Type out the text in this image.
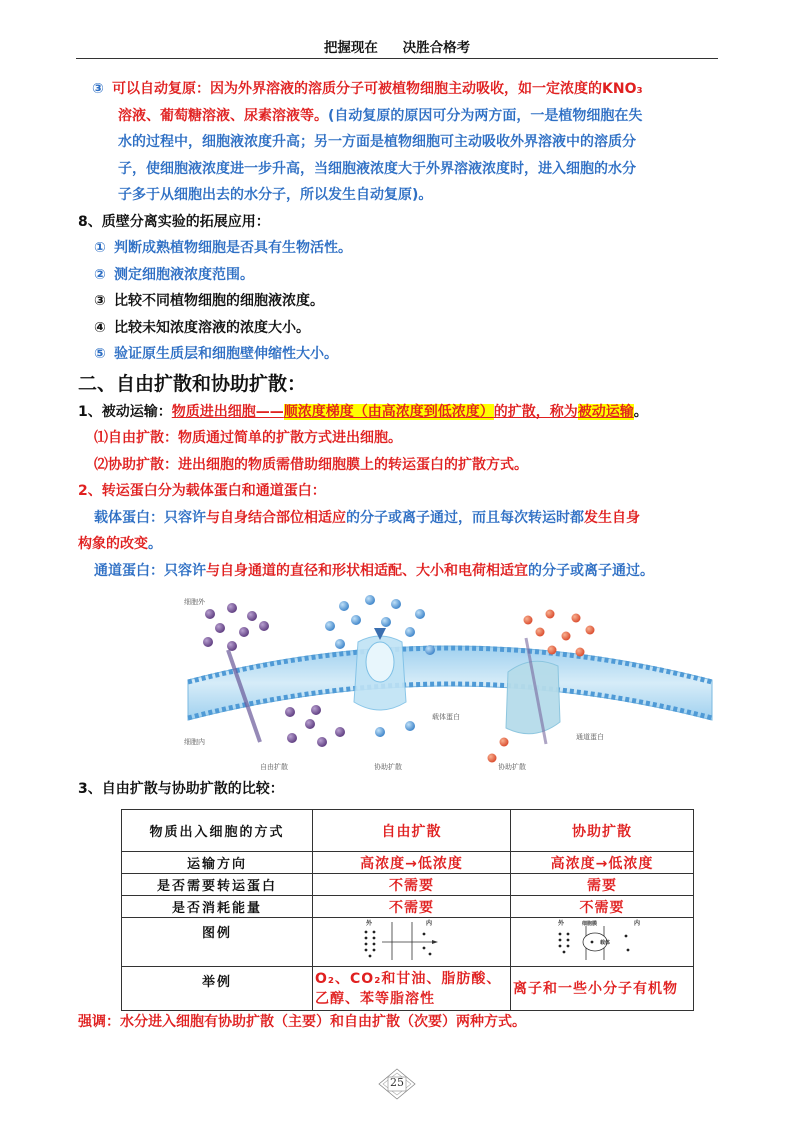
把握现在 决胜合格考
③ 可以自动复原：因为外界溶液的溶质分子可被植物细胞主动吸收，如一定浓度的KNO₃
溶液、葡萄糖溶液、尿素溶液等。(自动复原的原因可分为两方面，一是植物细胞在失
水的过程中，细胞液浓度升高；另一方面是植物细胞可主动吸收外界溶液中的溶质分
子，使细胞液浓度进一步升高，当细胞液浓度大于外界溶液浓度时，进入细胞的水分
子多于从细胞出去的水分子，所以发生自动复原)。

8、质壁分离实验的拓展应用：

① 判断成熟植物细胞是否具有生物活性。

② 测定细胞液浓度范围。

③ 比较不同植物细胞的细胞液浓度。

④ 比较未知浓度溶液的浓度大小。

⑤ 验证原生质层和细胞壁伸缩性大小。

二、自由扩散和协助扩散：

1、被动运输：物质进出细胞——顺浓度梯度（由高浓度到低浓度）的扩散，称为被动运输。

⑴自由扩散：物质通过简单的扩散方式进出细胞。

⑵协助扩散：进出细胞的物质需借助细胞膜上的转运蛋白的扩散方式。

2、转运蛋白分为载体蛋白和通道蛋白：

载体蛋白：只容许与自身结合部位相适应的分子或离子通过，而且每次转运时都发生自身

构象的改变。

通道蛋白：只容许与自身通道的直径和形状相适配、大小和电荷相适宜的分子或离子通过。

细胞外
细胞内
载体蛋白
通道蛋白
自由扩散	协助扩散	协助扩散

3、自由扩散与协助扩散的比较：

物质出入细胞的方式	自由扩散	协助扩散
运输方向	高浓度→低浓度	高浓度→低浓度
是否需要转运蛋白	不需要	需要
是否消耗能量	不需要	不需要
图例	外 内	外 细胞膜 内
载体

举例	O₂、CO₂和甘油、脂肪酸、乙醇、苯等脂溶性	离子和一些小分子有机物

强调：水分进入细胞有协助扩散（主要）和自由扩散（次要）两种方式。

25
